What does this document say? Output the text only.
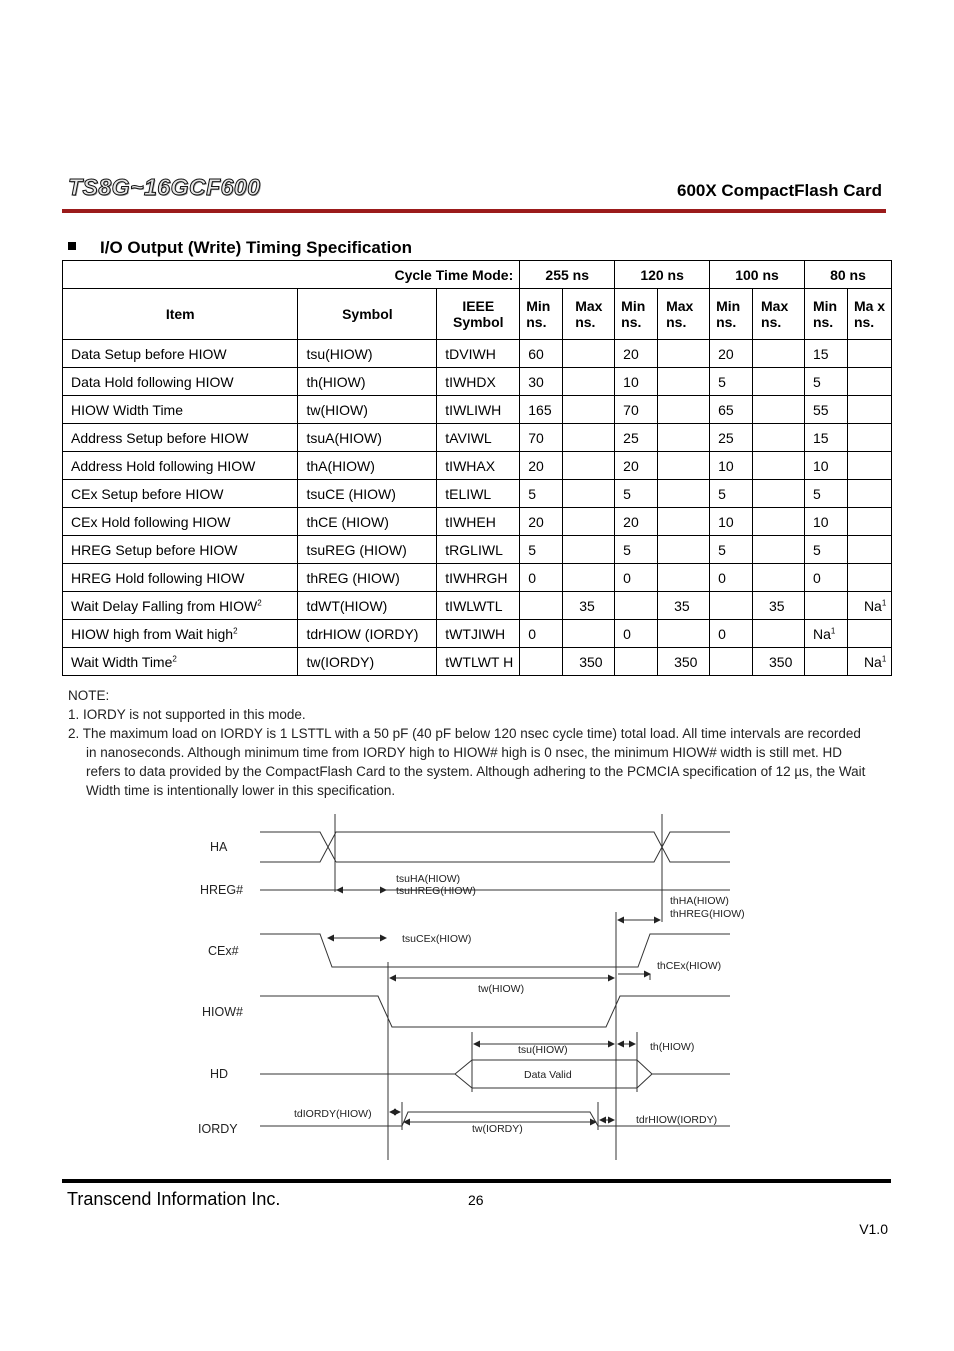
TS8G~16GCF600	600X CompactFlash Card
I/O Output (Write) Timing Specification
Cycle Time Mode:			255 ns		120 ns		100 ns		80 ns	
Item	Symbol	IEEE Symbol	Min ns.	Max ns.	Min ns.	Max ns.	Min ns.	Max ns.	Min ns.	Ma x ns.
Data Setup before HIOW	tsu(HIOW)	tDVIWH	60		20		20		15	
Data Hold following HIOW	th(HIOW)	tIWHDX	30		10		5		5	
HIOW Width Time	tw(HIOW)	tIWLIWH	165		70		65		55	
Address Setup before HIOW	tsuA(HIOW)	tAVIWL	70		25		25		15	
Address Hold following HIOW	thA(HIOW)	tIWHAX	20		20		10		10	
CEx Setup before HIOW	tsuCE (HIOW)	tELIWL	5		5		5		5	
CEx Hold following HIOW	thCE (HIOW)	tIWHEH	20		20		10		10	
HREG Setup before HIOW	tsuREG (HIOW)	tRGLIWL	5		5		5		5	
HREG Hold following HIOW	thREG (HIOW)	tIWHRGH	0		0		0		0	
Wait Delay Falling from HIOW$^2$	tdWT(HIOW)	tIWLWTL		35		35		35		Na$^1$
HIOW high from Wait high$^2$	tdrHIOW (IORDY)	tWTJIWH	0		0		0		Na$^1$	
Wait Width Time$^2$	tw(IORDY)	tWTLWT H		350		350		350		Na$^1$
NOTE:
1. IORDY is not supported in this mode.
2. The maximum load on IORDY is 1 LSTTL with a 50 pF (40 pF below 120 nsec cycle time) total load. All time intervals are recorded in nanoseconds. Although minimum time from IORDY high to HIOW# high is 0 nsec, the minimum HIOW# width is still met. HD refers to data provided by the CompactFlash Card to the system. Although adhering to the PCMCIA specification of 12 µs, the Wait Width time is intentionally lower in this specification.
HA
HREG#
CEx#
HIOW#
HD
IORDY
tsuHA(HIOW)
tsuHREG(HIOW)
thHA(HIOW)
thHREG(HIOW)
tsuCEx(HIOW)
thCEx(HIOW)
tw(HIOW)
tsu(HIOW)	th(HIOW)
Data Valid
tdIORDY(HIOW)
tw(IORDY)
tdrHIOW(IORDY)
Transcend Information Inc.	26
V1.0
